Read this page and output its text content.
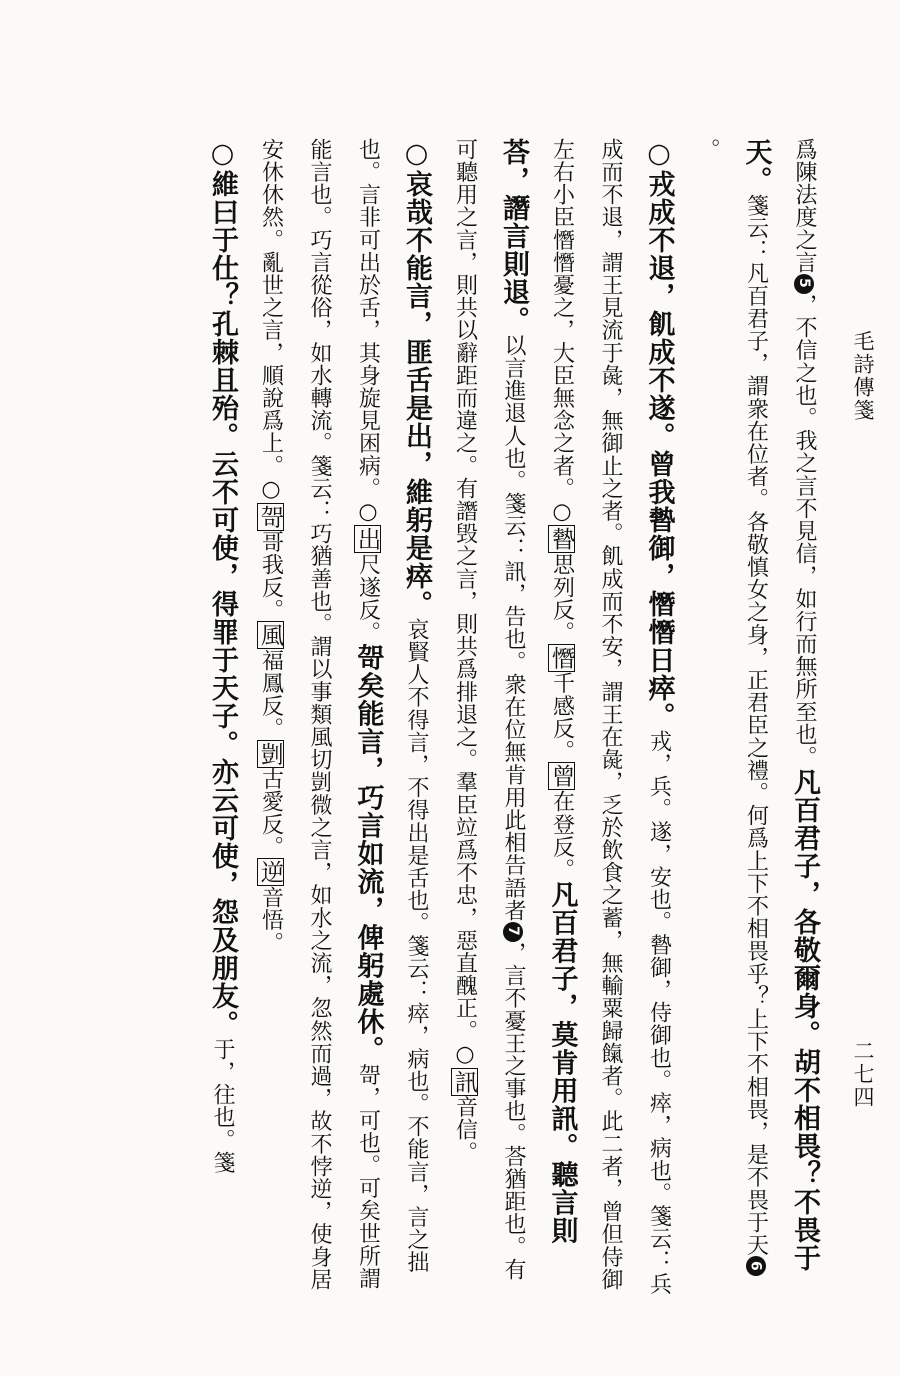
毛詩傳箋
二七四

爲陳法度之言5，不信之也。我之言不見信，如行而無所至也。凡百君子，各敬爾身。胡不相畏？不畏于天。箋云：凡百君子，謂衆在位者。各敬慎女之身，正君臣之禮。何爲上下不相畏乎？上下不相畏，是不畏于天6。

○戎成不退，飢成不遂。曾我暬御，憯憯日瘁。戎，兵。遂，安也。暬御，侍御也。瘁，病也。箋云：兵成而不退，謂王見流于彘，無御止之者。飢成而不安，謂王在彘，乏於飲食之蓄，無輸粟歸餼者。此二者，曾但侍御左右小臣憯憯憂之，大臣無念之者。○暬思列反。憯千感反。曾在登反。凡百君子，莫肯用訊。聽言則荅，譖言則退。以言進退人也。箋云：訊，告也。衆在位無肯用此相告語者7，言不憂王之事也。荅猶距也。有可聽用之言，則共以辭距而違之。有譖毁之言，則共爲排退之。羣臣竝爲不忠，惡直醜正。○訊音信。

○哀哉不能言，匪舌是出，維躬是瘁。哀賢人不得言，不得出是舌也。箋云：瘁，病也。不能言，言之拙也。言非可出於舌，其身旋見困病。○出尺遂反。哿矣能言，巧言如流，俾躬處休。哿，可也。可矣世所謂能言也。巧言從俗，如水轉流。箋云：巧猶善也。謂以事類風切剴微之言，如水之流，忽然而過，故不悖逆，使身居安休休然。亂世之言，順說爲上。○哿哥我反。風福鳳反。剴古愛反。逆音悟。

○維曰于仕？孔棘且殆。云不可使，得罪于天子。亦云可使，怨及朋友。于，往也。箋
